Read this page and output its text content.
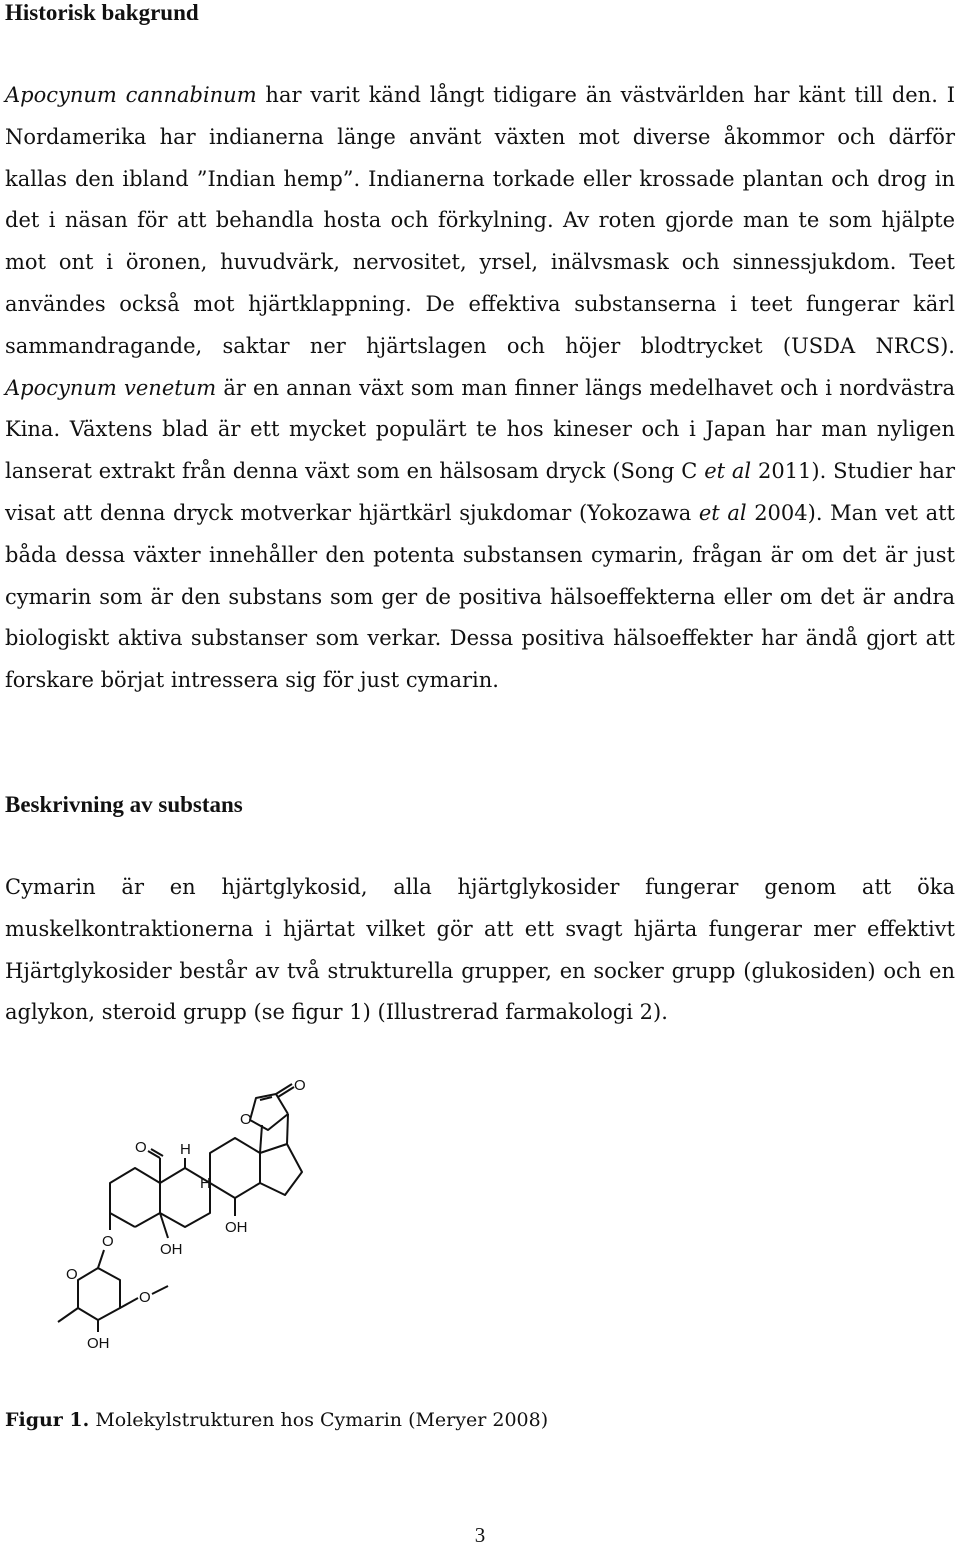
Historisk bakgrund

Apocynum cannabinum har varit känd långt tidigare än västvärlden har känt till den. I Nordamerika har indianerna länge använt växten mot diverse åkommor och därför kallas den ibland ”Indian hemp”. Indianerna torkade eller krossade plantan och drog in det i näsan för att behandla hosta och förkylning. Av roten gjorde man te som hjälpte mot ont i öronen, huvudvärk, nervositet, yrsel, inälvsmask och sinnessjukdom. Teet användes också mot hjärtklappning. De effektiva substanserna i teet fungerar kärl sammandragande, saktar ner hjärtslagen och höjer blodtrycket (USDA NRCS). Apocynum venetum är en annan växt som man finner längs medelhavet och i nordvästra Kina. Växtens blad är ett mycket populärt te hos kineser och i Japan har man nyligen lanserat extrakt från denna växt som en hälsosam dryck (Song C et al 2011). Studier har visat att denna dryck motverkar hjärtkärl sjukdomar (Yokozawa et al 2004). Man vet att båda dessa växter innehåller den potenta substansen cymarin, frågan är om det är just cymarin som är den substans som ger de positiva hälsoeffekterna eller om det är andra biologiskt aktiva substanser som verkar. Dessa positiva hälsoeffekter har ändå gjort att forskare börjat intressera sig för just cymarin.

Beskrivning av substans

Cymarin är en hjärtglykosid, alla hjärtglykosider fungerar genom att öka muskelkontraktionerna i hjärtat vilket gör att ett svagt hjärta fungerar mer effektivt Hjärtglykosider består av två strukturella grupper, en socker grupp (glukosiden) och en aglykon, steroid grupp (se figur 1) (Illustrerad farmakologi 2).

O
H
H
OH
OH
O
O
O
OH
O
O

Figur 1. Molekylstrukturen hos Cymarin (Meryer 2008)

3
